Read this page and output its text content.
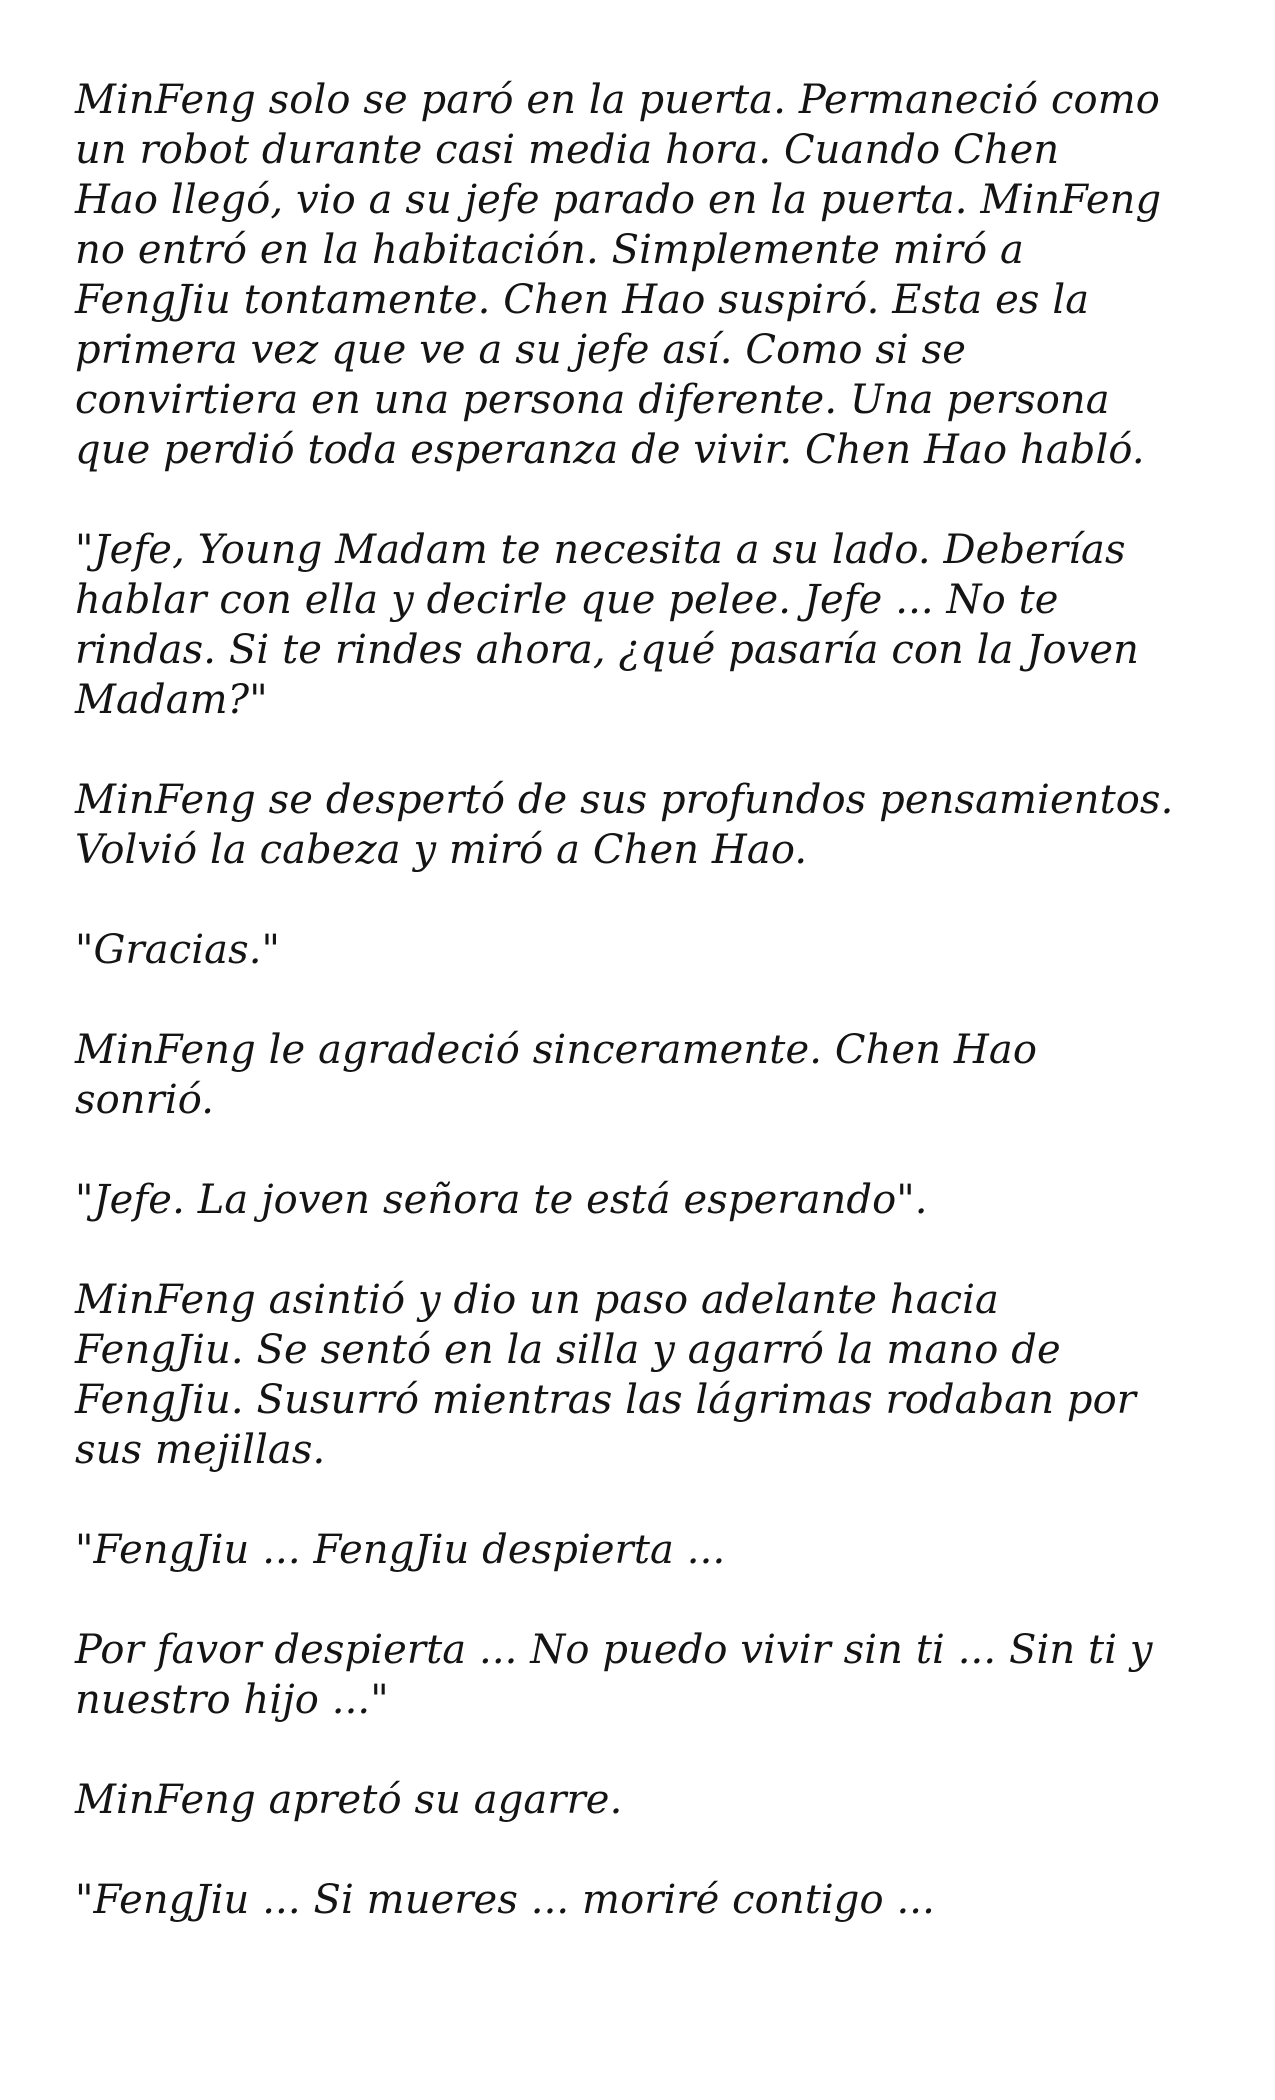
MinFeng solo se paró en la puerta. Permaneció como
un robot durante casi media hora. Cuando Chen
Hao llegó, vio a su jefe parado en la puerta. MinFeng
no entró en la habitación. Simplemente miró a
FengJiu tontamente. Chen Hao suspiró. Esta es la
primera vez que ve a su jefe así. Como si se
convirtiera en una persona diferente. Una persona
que perdió toda esperanza de vivir. Chen Hao habló.

"Jefe, Young Madam te necesita a su lado. Deberías
hablar con ella y decirle que pelee. Jefe ... No te
rindas. Si te rindes ahora, ¿qué pasaría con la Joven
Madam?"

MinFeng se despertó de sus profundos pensamientos.
Volvió la cabeza y miró a Chen Hao.

"Gracias."

MinFeng le agradeció sinceramente. Chen Hao
sonrió.

"Jefe. La joven señora te está esperando".

MinFeng asintió y dio un paso adelante hacia
FengJiu. Se sentó en la silla y agarró la mano de
FengJiu. Susurró mientras las lágrimas rodaban por
sus mejillas.

"FengJiu ... FengJiu despierta ...

Por favor despierta ... No puedo vivir sin ti ... Sin ti y
nuestro hijo ..."

MinFeng apretó su agarre.

"FengJiu ... Si mueres ... moriré contigo ...
